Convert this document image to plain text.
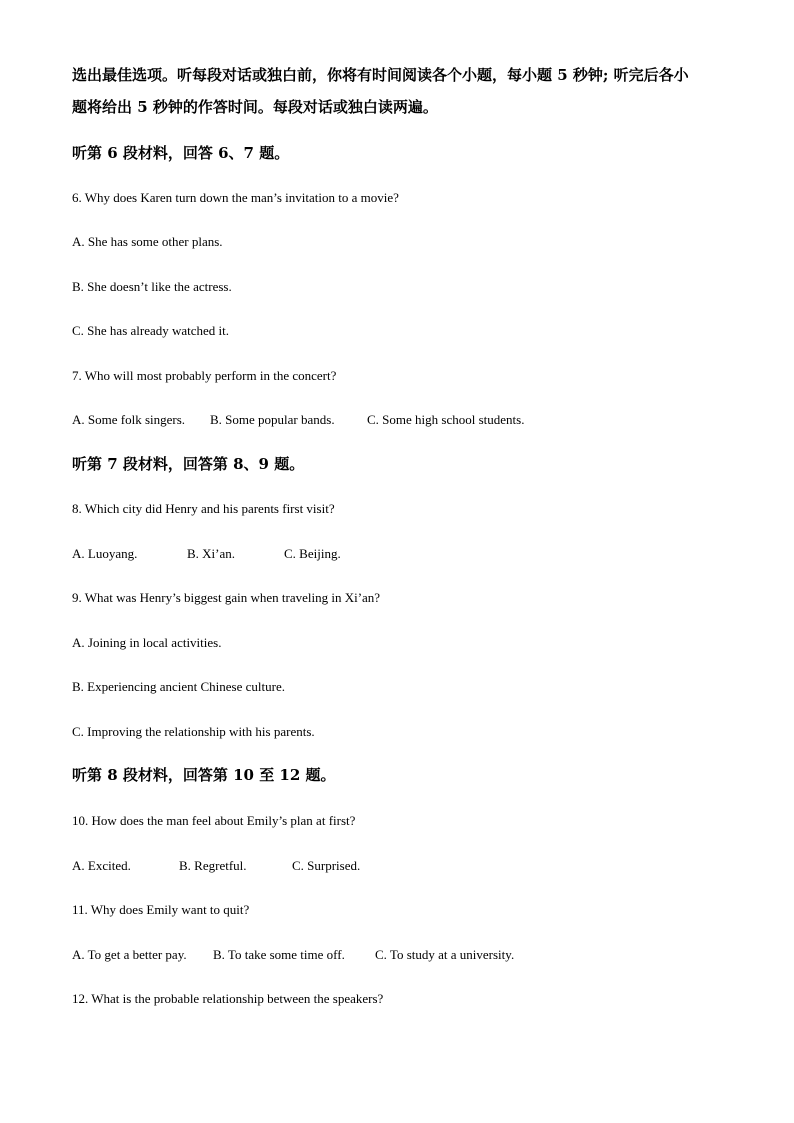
选出最佳选项。听每段对话或独白前，你将有时间阅读各个小题，每小题 5 秒钟; 听完后各小
题将给出 5 秒钟的作答时间。每段对话或独白读两遍。
听第 6 段材料，回答 6、7 题。
6. Why does Karen turn down the man’s invitation to a movie?
A. She has some other plans.
B. She doesn’t like the actress.
C. She has already watched it.
7. Who will most probably perform in the concert?
A. Some folk singers. B. Some popular bands. C. Some high school students.
听第 7 段材料，回答第 8、9 题。
8. Which city did Henry and his parents first visit?
A. Luoyang.	B. Xi’an.	C. Beijing.
9. What was Henry’s biggest gain when traveling in Xi’an?
A. Joining in local activities.
B. Experiencing ancient Chinese culture.
C. Improving the relationship with his parents.
听第 8 段材料，回答第 10 至 12 题。
10. How does the man feel about Emily’s plan at first?
A. Excited.	B. Regretful.	C. Surprised.
11. Why does Emily want to quit?
A. To get a better pay. B. To take some time off. C. To study at a university.
12. What is the probable relationship between the speakers?
